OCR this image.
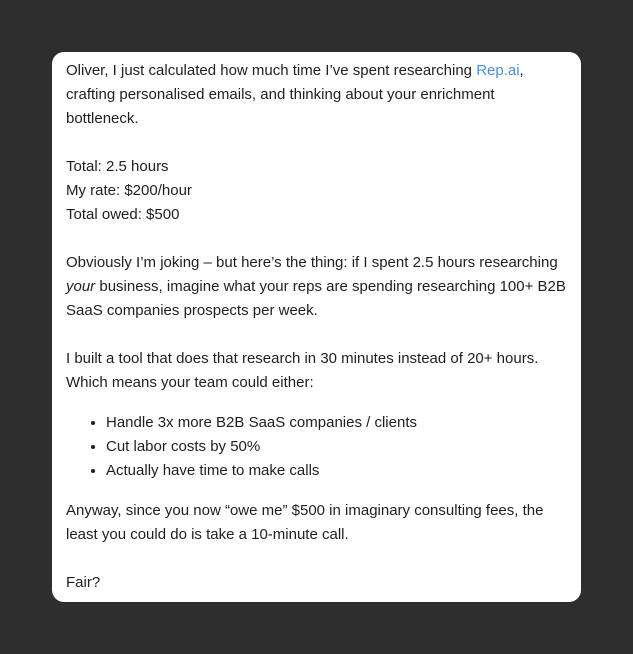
Oliver, I just calculated how much time I’ve spent researching Rep.ai, crafting personalised emails, and thinking about your enrichment bottleneck.

Total: 2.5 hours
My rate: $200/hour
Total owed: $500

Obviously I’m joking – but here’s the thing: if I spent 2.5 hours researching your business, imagine what your reps are spending researching 100+ B2B SaaS companies prospects per week.

I built a tool that does that research in 30 minutes instead of 20+ hours.
Which means your team could either:

• Handle 3x more B2B SaaS companies / clients
• Cut labor costs by 50%
• Actually have time to make calls

Anyway, since you now “owe me” $500 in imaginary consulting fees, the least you could do is take a 10-minute call.

Fair?
